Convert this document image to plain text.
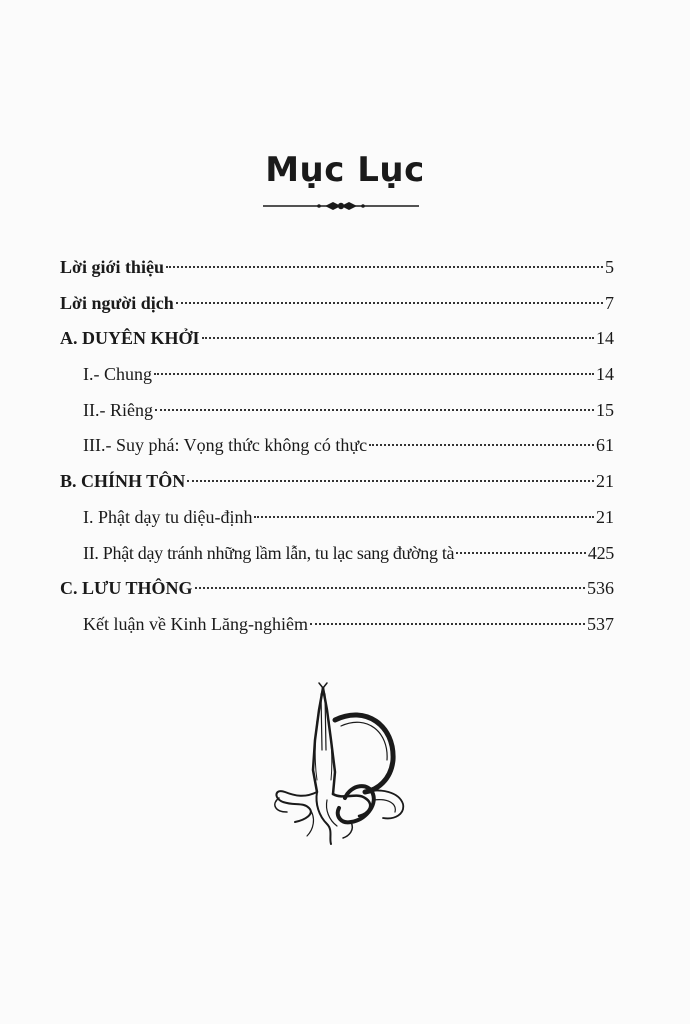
Mục Lục
Lời giới thiệu	5
Lời người dịch	7
A. DUYÊN KHỞI	14
I.- Chung	14
II.- Riêng	15
III.- Suy phá: Vọng thức không có thực	61
B. CHÍNH TÔN	21
I. Phật dạy tu diệu-định	21
II. Phật dạy tránh những lầm lẫn, tu lạc sang đường tà	425
C. LƯU THÔNG	536
Kết luận về Kinh Lăng-nghiêm	537
